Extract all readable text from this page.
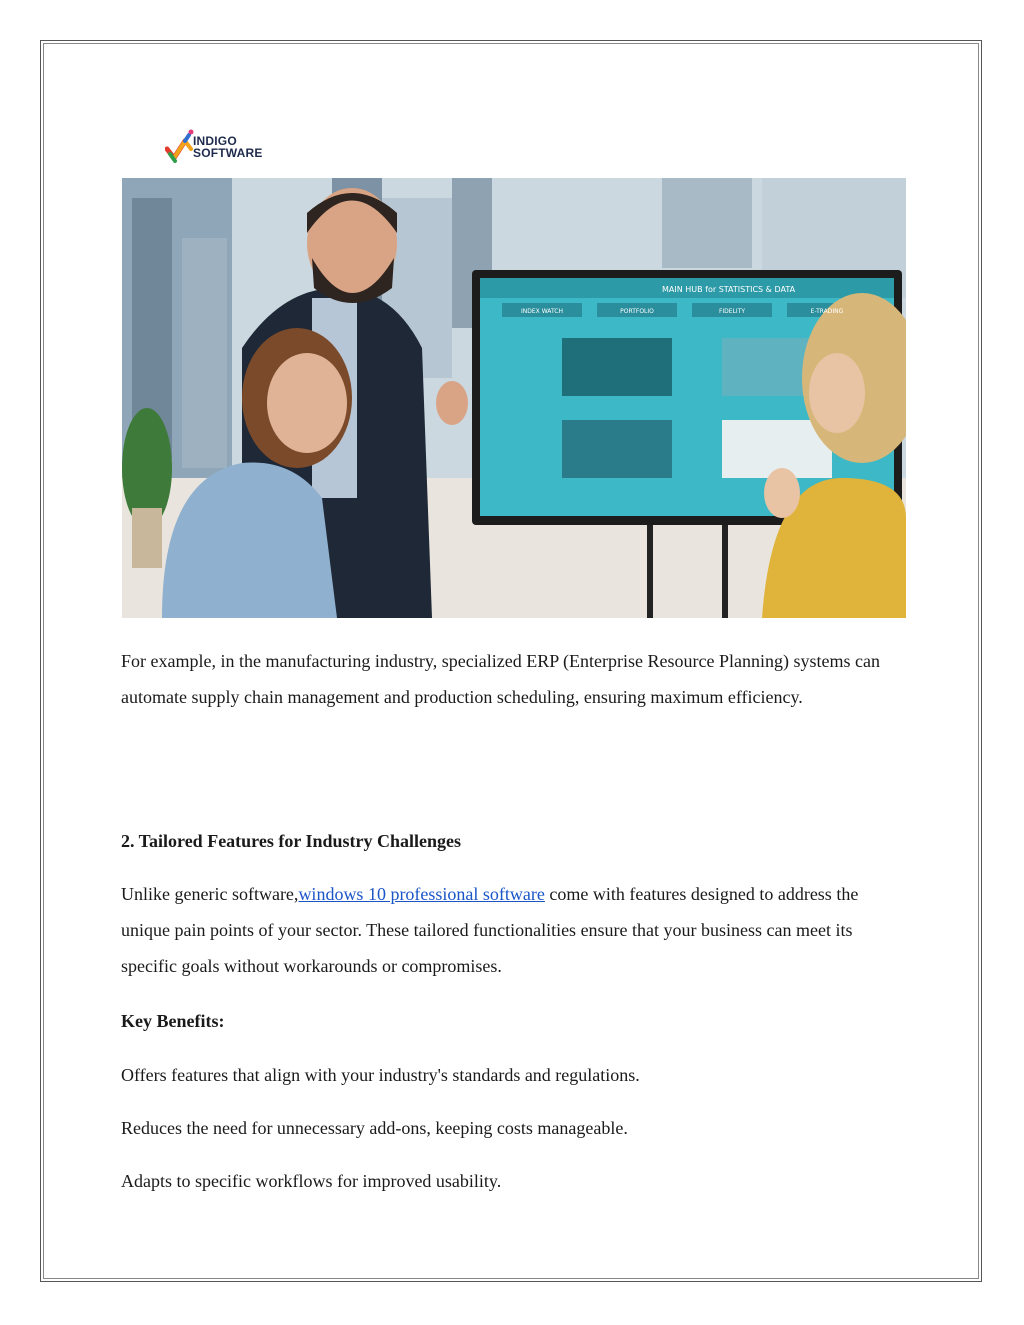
INDIGO
SOFTWARE
MAIN HUB for STATISTICS & DATA
INDEX WATCH	PORTFOLIO	FIDELITY	E-TRADING

For example, in the manufacturing industry, specialized ERP (Enterprise Resource Planning) systems can automate supply chain management and production scheduling, ensuring maximum efficiency.

2. Tailored Features for Industry Challenges

Unlike generic software,windows 10 professional software come with features designed to address the unique pain points of your sector. These tailored functionalities ensure that your business can meet its specific goals without workarounds or compromises.

Key Benefits:

Offers features that align with your industry's standards and regulations.

Reduces the need for unnecessary add-ons, keeping costs manageable.

Adapts to specific workflows for improved usability.
